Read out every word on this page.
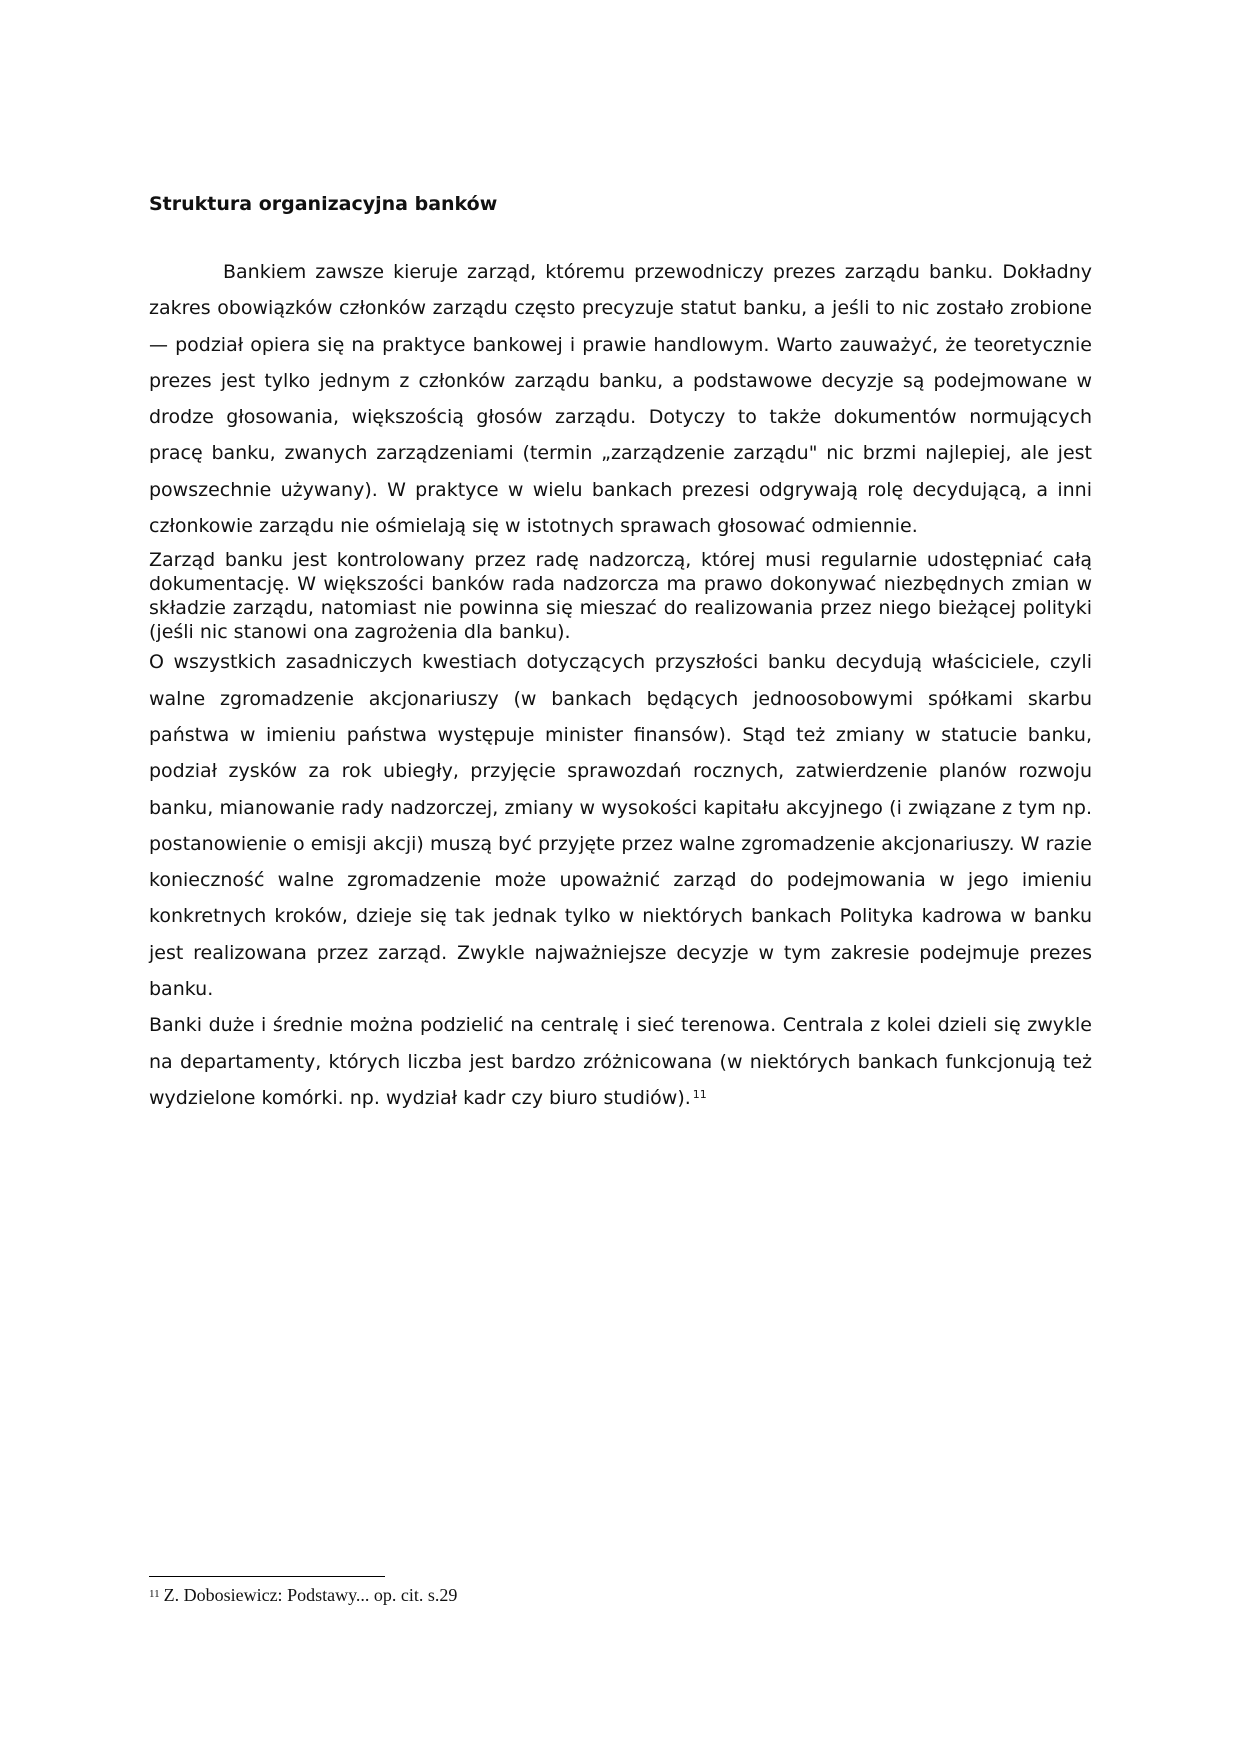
Struktura organizacyjna banków

Bankiem zawsze kieruje zarząd, któremu przewodniczy prezes zarządu banku. Dokładny zakres obowiązków członków zarządu często precyzuje statut banku, a jeśli to nic zostało zrobione — podział opiera się na praktyce bankowej i prawie handlowym. Warto zauważyć, że teoretycznie prezes jest tylko jednym z członków zarządu banku, a podstawowe decyzje są podejmowane w drodze głosowania, większością głosów zarządu. Dotyczy to także dokumentów normujących pracę banku, zwanych zarządzeniami (termin „zarządzenie zarządu" nic brzmi najlepiej, ale jest powszechnie używany). W praktyce w wielu bankach prezesi odgrywają rolę decydującą, a inni członkowie zarządu nie ośmielają się w istotnych sprawach głosować odmiennie.

Zarząd banku jest kontrolowany przez radę nadzorczą, której musi regularnie udostępniać całą dokumentację. W większości banków rada nadzorcza ma prawo dokonywać niezbędnych zmian w składzie zarządu, natomiast nie powinna się mieszać do realizowania przez niego bieżącej polityki (jeśli nic stanowi ona zagrożenia dla banku).

O wszystkich zasadniczych kwestiach dotyczących przyszłości banku decydują właściciele, czyli walne zgromadzenie akcjonariuszy (w bankach będących jednoosobowymi spółkami skarbu państwa w imieniu państwa występuje minister finansów). Stąd też zmiany w statucie banku, podział zysków za rok ubiegły, przyjęcie sprawozdań rocznych, zatwierdzenie planów rozwoju banku, mianowanie rady nadzorczej, zmiany w wysokości kapitału akcyjnego (i związane z tym np. postanowienie o emisji akcji) muszą być przyjęte przez walne zgromadzenie akcjonariuszy. W razie konieczność walne zgromadzenie może upoważnić zarząd do podejmowania w jego imieniu konkretnych kroków, dzieje się tak jednak tylko w niektórych bankach Polityka kadrowa w banku jest realizowana przez zarząd. Zwykle najważniejsze decyzje w tym zakresie podejmuje prezes banku.

Banki duże i średnie można podzielić na centralę i sieć terenowa. Centrala z kolei dzieli się zwykle na departamenty, których liczba jest bardzo zróżnicowana (w niektórych bankach funkcjonują też wydzielone komórki. np. wydział kadr czy biuro studiów). $^{11}$

$^{11}$ Z. Dobosiewicz: Podstawy... op. cit. s.29
